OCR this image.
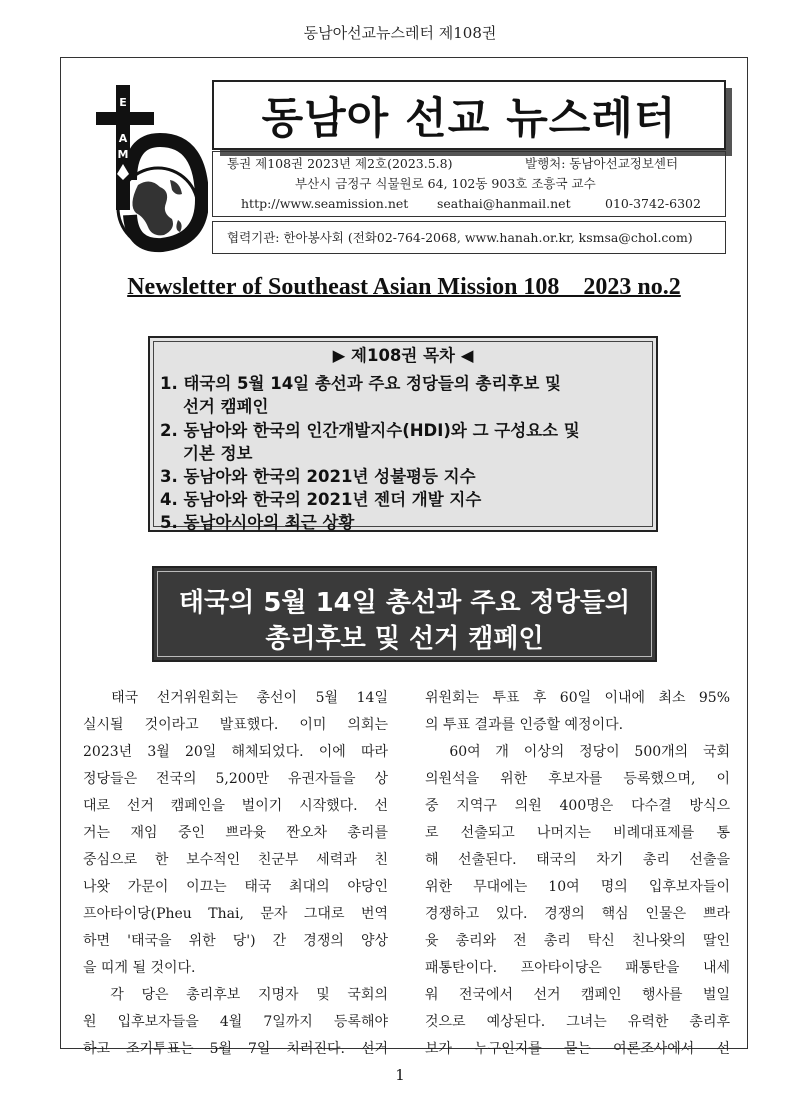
동남아선교뉴스레터 제108권
E
A
M
동남아 선교 뉴스레터
통권 제108권 2023년 제2호(2023.5.8)	발행처: 동남아선교정보센터
부산시 금정구 식물원로 64, 102동 903호 조흥국 교수
http://www.seamission.net seathai@hanmail.net	010-3742-6302
협력기관: 한아봉사회 (전화02-764-2068, www.hanah.or.kr, ksmsa@chol.com)
Newsletter of Southeast Asian Mission 108    2023 no.2
▶ 제108권 목차 ◀
1. 태국의 5월 14일 총선과 주요 정당들의 총리후보 및
선거 캠페인
2. 동남아와 한국의 인간개발지수(HDI)와 그 구성요소 및
기본 정보
3. 동남아와 한국의 2021년 성불평등 지수
4. 동남아와 한국의 2021년 젠더 개발 지수
5. 동남아시아의 최근 상황
태국의 5월 14일 총선과 주요 정당들의
총리후보 및 선거 캠페인
　태국 선거위원회는 총선이 5월 14일
실시될 것이라고 발표했다. 이미 의회는
2023년 3월 20일 해체되었다. 이에 따라
정당들은 전국의 5,200만 유권자들을 상
대로 선거 캠페인을 벌이기 시작했다. 선
거는 재임 중인 쁘라윳 짠오차 총리를
중심으로 한 보수적인 친군부 세력과 친
나왓 가문이 이끄는 태국 최대의 야당인
프아타이당(Pheu Thai, 문자 그대로 번역
하면 '태국을 위한 당') 간 경쟁의 양상
을 띠게 될 것이다.
　각 당은 총리후보 지명자 및 국회의
원 입후보자들을 4월 7일까지 등록해야
하고 조기투표는 5월 7일 치러진다. 선거
위원회는 투표 후 60일 이내에 최소 95%
의 투표 결과를 인증할 예정이다.
　60여 개 이상의 정당이 500개의 국회
의원석을 위한 후보자를 등록했으며, 이
중 지역구 의원 400명은 다수결 방식으
로 선출되고 나머지는 비례대표제를 통
해 선출된다. 태국의 차기 총리 선출을
위한 무대에는 10여 명의 입후보자들이
경쟁하고 있다. 경쟁의 핵심 인물은 쁘라
윳 총리와 전 총리 탁신 친나왓의 딸인
패통탄이다. 프아타이당은 패통탄을 내세
워 전국에서 선거 캠페인 행사를 벌일
것으로 예상된다. 그녀는 유력한 총리후
보가 누구인지를 묻는 여론조사에서 선
1
